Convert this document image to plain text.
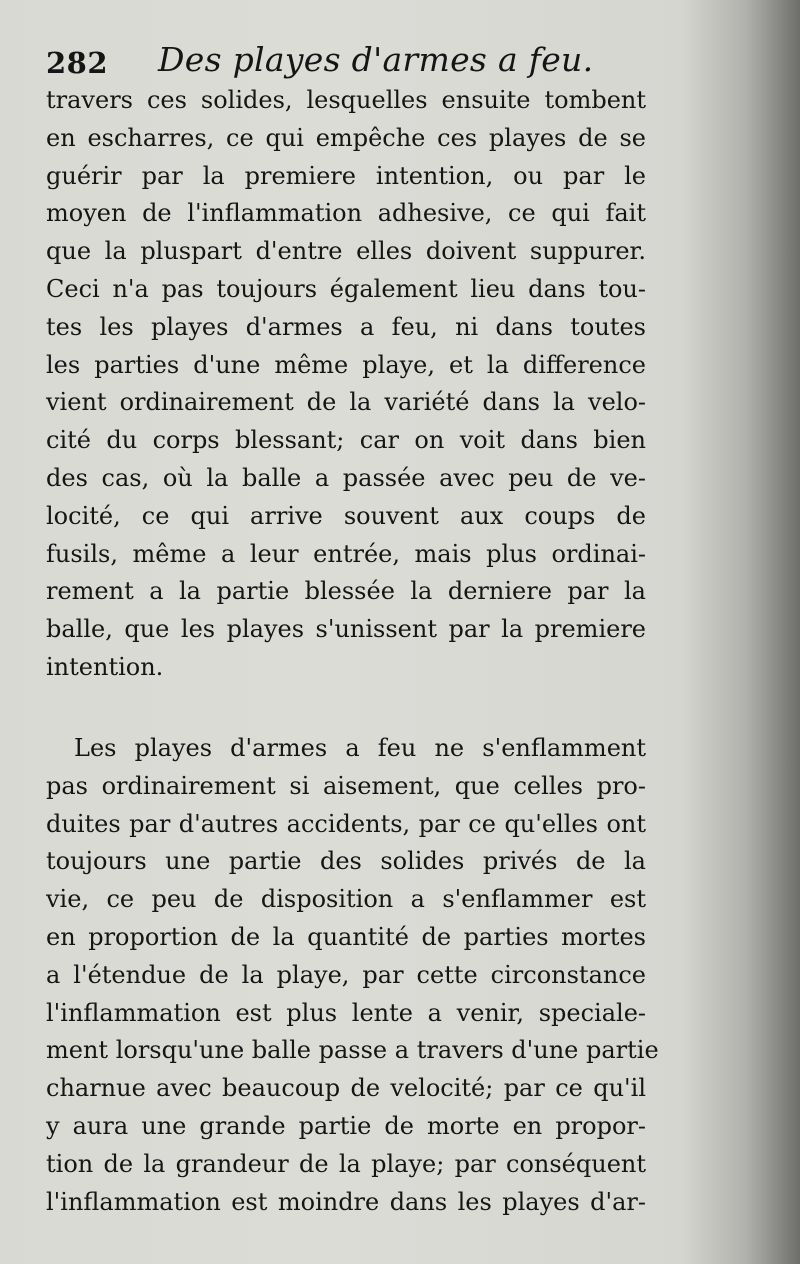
282 Des playes d'armes a feu.
travers ces solides, lesquelles ensuite tombent
en escharres, ce qui empêche ces playes de se
guérir par la premiere intention, ou par le
moyen de l'inflammation adhesive, ce qui fait
que la pluspart d'entre elles doivent suppurer.
Ceci n'a pas toujours également lieu dans tou-
tes les playes d'armes a feu, ni dans toutes
les parties d'une même playe, et la difference
vient ordinairement de la variété dans la velo-
cité du corps blessant; car on voit dans bien
des cas, où la balle a passée avec peu de ve-
locité, ce qui arrive souvent aux coups de
fusils, même a leur entrée, mais plus ordinai-
rement a la partie blessée la derniere par la
balle, que les playes s'unissent par la premiere
intention.
Les playes d'armes a feu ne s'enflamment
pas ordinairement si aisement, que celles pro-
duites par d'autres accidents, par ce qu'elles ont
toujours une partie des solides privés de la
vie, ce peu de disposition a s'enflammer est
en proportion de la quantité de parties mortes
a l'étendue de la playe, par cette circonstance
l'inflammation est plus lente a venir, speciale-
ment lorsqu'une balle passe a travers d'une partie
charnue avec beaucoup de velocité; par ce qu'il
y aura une grande partie de morte en propor-
tion de la grandeur de la playe; par conséquent
l'inflammation est moindre dans les playes d'ar-
